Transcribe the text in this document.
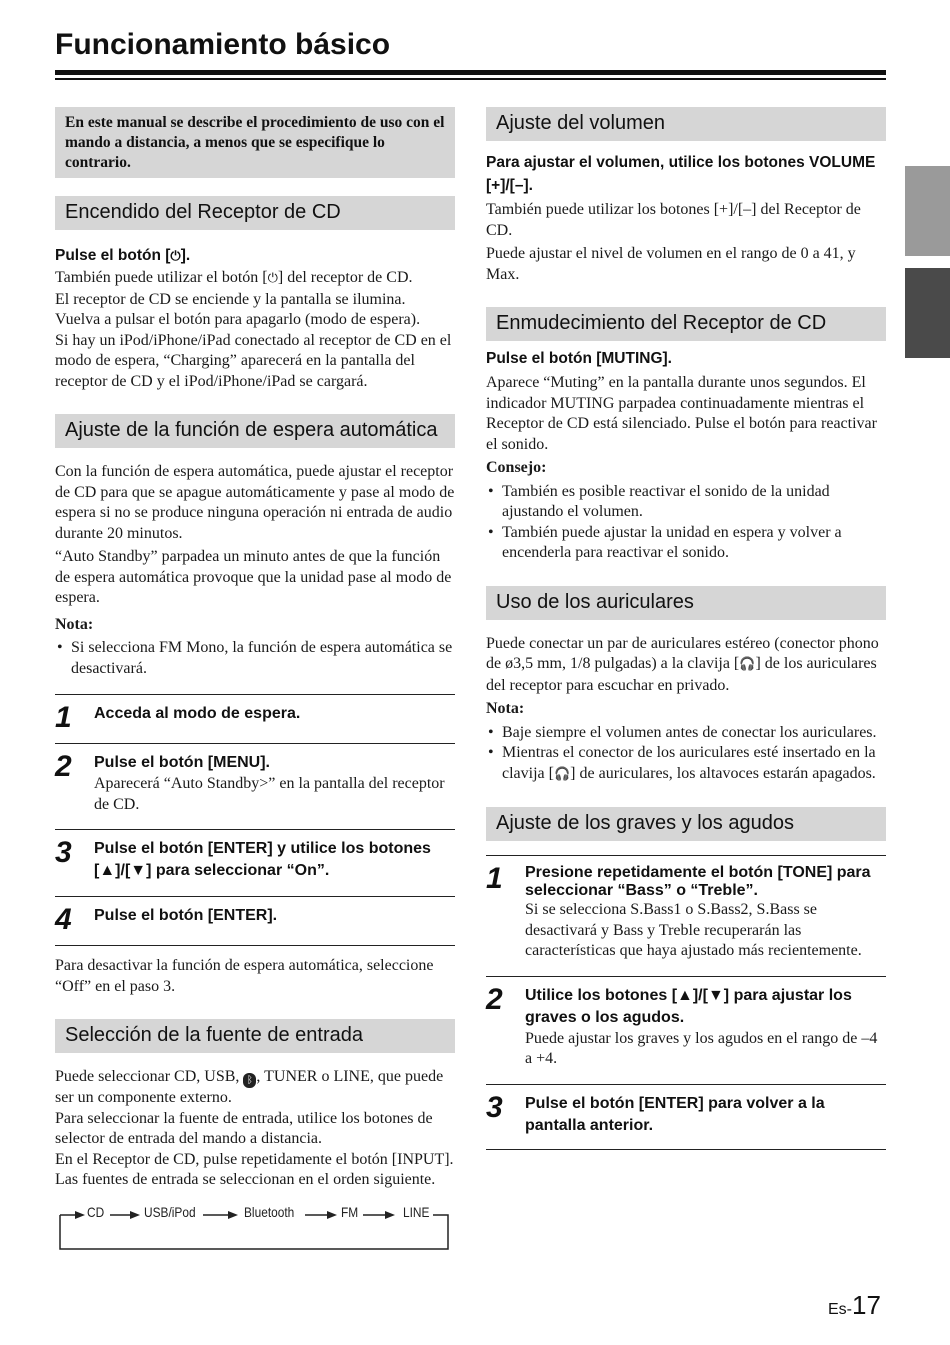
Funcionamiento básico
En este manual se describe el procedimiento de uso con el mando a distancia, a menos que se especifique lo contrario.
Encendido del Receptor de CD
Pulse el botón [⏻].
También puede utilizar el botón [⏻] del receptor de CD.
El receptor de CD se enciende y la pantalla se ilumina.
Vuelva a pulsar el botón para apagarlo (modo de espera).
Si hay un iPod/iPhone/iPad conectado al receptor de CD en el modo de espera, “Charging” aparecerá en la pantalla del receptor de CD y el iPod/iPhone/iPad se cargará.
Ajuste de la función de espera automática
Con la función de espera automática, puede ajustar el receptor de CD para que se apague automáticamente y pase al modo de espera si no se produce ninguna operación ni entrada de audio durante 20 minutos.
“Auto Standby” parpadea un minuto antes de que la función de espera automática provoque que la unidad pase al modo de espera.
Nota:
• Si selecciona FM Mono, la función de espera automática se desactivará.
1	Acceda al modo de espera.
2	Pulse el botón [MENU].
Aparecerá “Auto Standby>” en la pantalla del receptor de CD.
3	Pulse el botón [ENTER] y utilice los botones [▲]/[▼] para seleccionar “On”.
4	Pulse el botón [ENTER].
Para desactivar la función de espera automática, seleccione “Off” en el paso 3.
Selección de la fuente de entrada
Puede seleccionar CD, USB, ᛒ , TUNER o LINE, que puede ser un componente externo.
Para seleccionar la fuente de entrada, utilice los botones de selector de entrada del mando a distancia.
En el Receptor de CD, pulse repetidamente el botón [INPUT]. Las fuentes de entrada se seleccionan en el orden siguiente.
CD	USB/iPod	Bluetooth	FM	LINE
Ajuste del volumen
Para ajustar el volumen, utilice los botones VOLUME [+]/[–].
También puede utilizar los botones [+]/[–] del Receptor de CD.
Puede ajustar el nivel de volumen en el rango de 0 a 41, y Max.
Enmudecimiento del Receptor de CD
Pulse el botón [MUTING].
Aparece “Muting” en la pantalla durante unos segundos. El indicador MUTING parpadea continuadamente mientras el Receptor de CD está silenciado. Pulse el botón para reactivar el sonido.
Consejo:
• También es posible reactivar el sonido de la unidad ajustando el volumen.
• También puede ajustar la unidad en espera y volver a encenderla para reactivar el sonido.
Uso de los auriculares
Puede conectar un par de auriculares estéreo (conector phono de ø3,5 mm, 1/8 pulgadas) a la clavija [🎧] de los auriculares del receptor para escuchar en privado.
Nota:
• Baje siempre el volumen antes de conectar los auriculares.
• Mientras el conector de los auriculares esté insertado en la clavija [🎧] de auriculares, los altavoces estarán apagados.
Ajuste de los graves y los agudos
1	Presione repetidamente el botón [TONE] para seleccionar “Bass” o “Treble”.
Si se selecciona S.Bass1 o S.Bass2, S.Bass se desactivará y Bass y Treble recuperarán las características que haya ajustado más recientemente.
2	Utilice los botones [▲]/[▼] para ajustar los graves o los agudos.
Puede ajustar los graves y los agudos en el rango de –4 a +4.
3	Pulse el botón [ENTER] para volver a la pantalla anterior.
Es-17
